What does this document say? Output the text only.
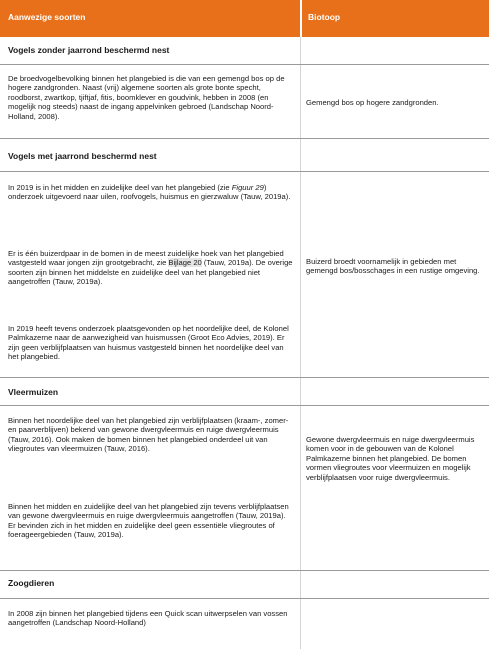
Aanwezige soorten	Biotoop
Vogels zonder jaarrond beschermd nest

De broedvogelbevolking binnen het plangebied is die van een gemengd bos op de hogere zandgronden. Naast (vrij) algemene soorten als grote bonte specht, roodborst, zwartkop, tjiftjaf, fitis, boomklever en goudvink, hebben in 2008 (en mogelijk nog steeds) naast de ingang appelvinken gebroed (Landschap Noord-Holland, 2008).

Gemengd bos op hogere zandgronden.

Vogels met jaarrond beschermd nest

In 2019 is in het midden en zuidelijke deel van het plangebied (zie Figuur 29) onderzoek uitgevoerd naar uilen, roofvogels, huismus en gierzwaluw (Tauw, 2019a).

Er is één buizerdpaar in de bomen in de meest zuidelijke hoek van het plangebied vastgesteld waar jongen zijn grootgebracht, zie Bijlage 20 (Tauw, 2019a). De overige soorten zijn binnen het middelste en zuidelijke deel van het plangebied niet aangetroffen (Tauw, 2019a).

Buizerd broedt voornamelijk in gebieden met gemengd bos/bosschages in een rustige omgeving.

In 2019 heeft tevens onderzoek plaatsgevonden op het noordelijke deel, de Kolonel Palmkazerne naar de aanwezigheid van huismussen (Groot Eco Advies, 2019). Er zijn geen verblijfplaatsen van huismus vastgesteld binnen het noordelijke deel van het plangebied.

Vleermuizen

Binnen het noordelijke deel van het plangebied zijn verblijfplaatsen (kraam-, zomer- en paarverblijven) bekend van gewone dwergvleermuis en ruige dwergvleermuis (Tauw, 2016). Ook maken de bomen binnen het plangebied onderdeel uit van vliegroutes van vleermuizen (Tauw, 2016).

Gewone dwergvleermuis en ruige dwergvleermuis komen voor in de gebouwen van de Kolonel Palmkazerne binnen het plangebied. De bomen vormen vliegroutes voor vleermuizen en mogelijk verblijfplaatsen voor ruige dwergvleermuis.

Binnen het midden en zuidelijke deel van het plangebied zijn tevens verblijfplaatsen van gewone dwergvleermuis en ruige dwergvleermuis aangetroffen (Tauw, 2019a). Er bevinden zich in het midden en zuidelijke deel geen essentiële vliegroutes of foerageergebieden (Tauw, 2019a).

Zoogdieren

In 2008 zijn binnen het plangebied tijdens een Quick scan uitwerpselen van vossen aangetroffen (Landschap Noord-Holland)
